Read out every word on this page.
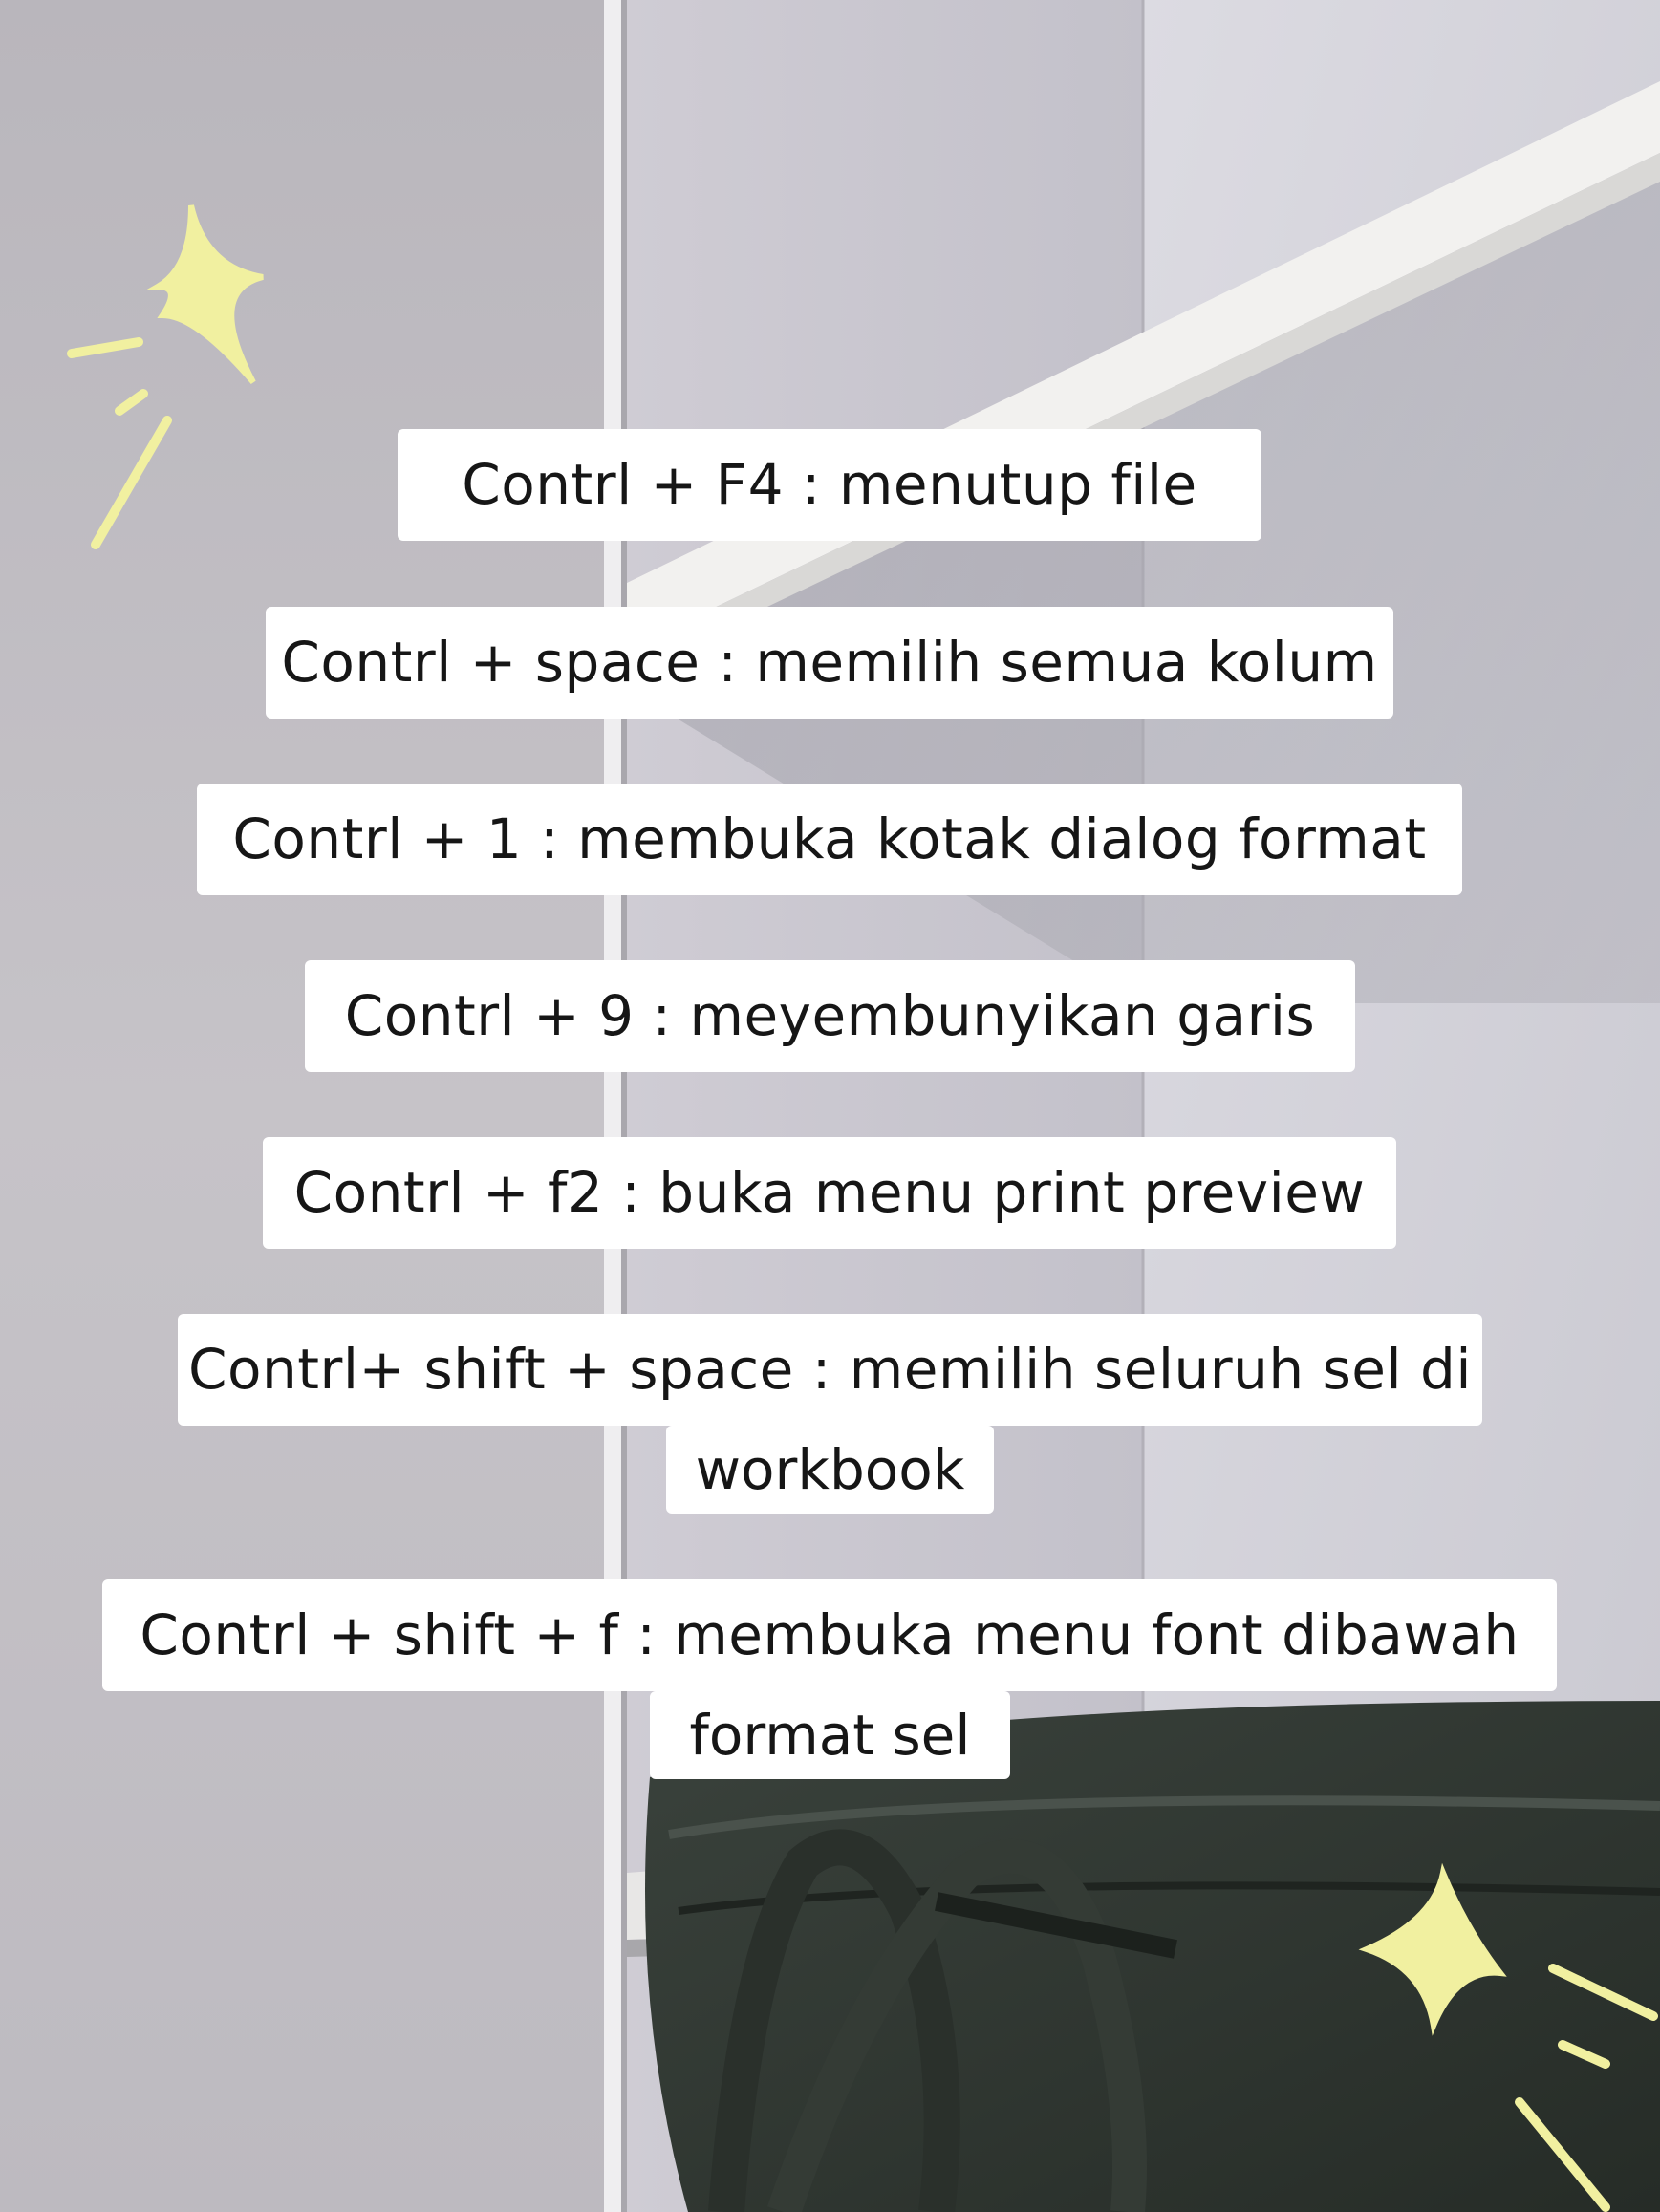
Contrl + F4 : menutup file
Contrl + space : memilih semua kolum
Contrl + 1 : membuka kotak dialog format
Contrl + 9 : meyembunyikan garis
Contrl + f2 : buka menu print preview
Contrl+ shift + space : memilih seluruh sel di
workbook
Contrl + shift + f : membuka menu font dibawah
format sel
